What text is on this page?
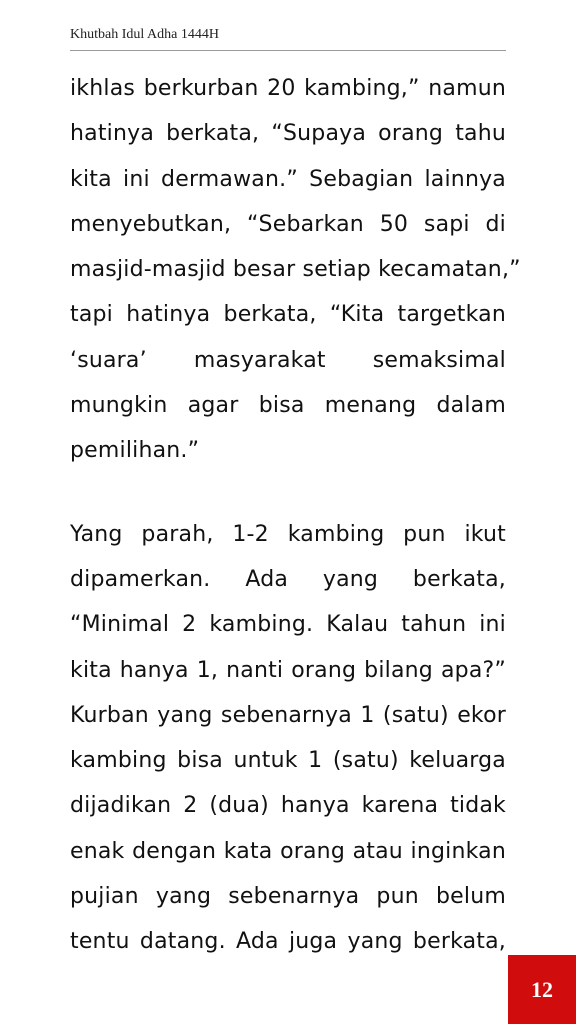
Khutbah Idul Adha 1444H
ikhlas berkurban 20 kambing,” namun
hatinya berkata, “Supaya orang tahu
kita ini dermawan.” Sebagian lainnya
menyebutkan, “Sebarkan 50 sapi di
masjid-masjid besar setiap kecamatan,”
tapi hatinya berkata, “Kita targetkan
‘suara’ masyarakat semaksimal
mungkin agar bisa menang dalam
pemilihan.”
Yang parah, 1-2 kambing pun ikut
dipamerkan. Ada yang berkata,
“Minimal 2 kambing. Kalau tahun ini
kita hanya 1, nanti orang bilang apa?”
Kurban yang sebenarnya 1 (satu) ekor
kambing bisa untuk 1 (satu) keluarga
dijadikan 2 (dua) hanya karena tidak
enak dengan kata orang atau inginkan
pujian yang sebenarnya pun belum
tentu datang. Ada juga yang berkata,
12
